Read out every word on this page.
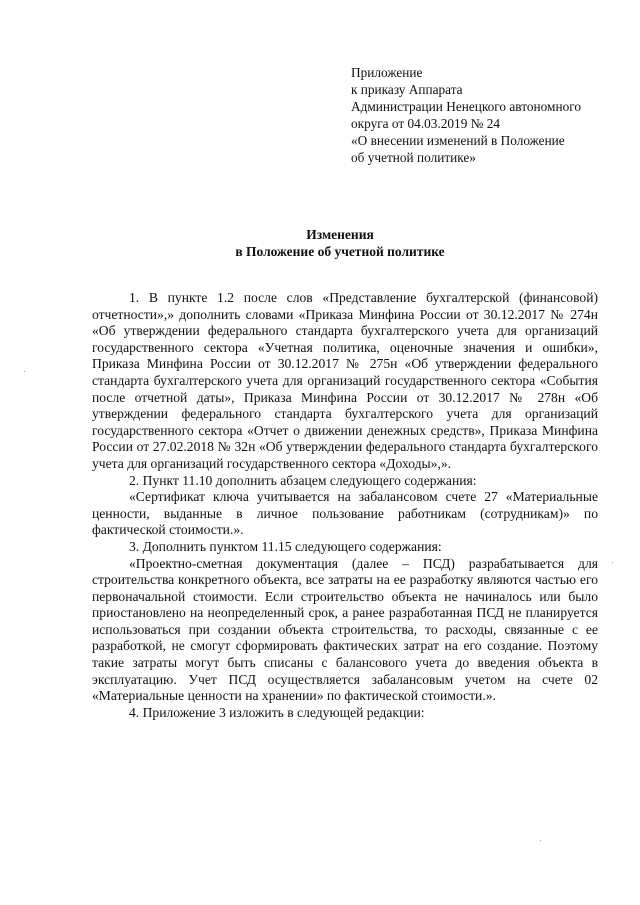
Приложение
к приказу Аппарата
Администрации Ненецкого автономного
округа от 04.03.2019 № 24
«О внесении изменений в Положение
об учетной политике»
Изменения
в Положение об учетной политике

1. В пункте 1.2 после слов «Представление бухгалтерской (финансовой) отчетности»,» дополнить словами «Приказа Минфина России от 30.12.2017 № 274н «Об утверждении федерального стандарта бухгалтерского учета для организаций государственного сектора «Учетная политика, оценочные значения и ошибки», Приказа Минфина России от 30.12.2017 № 275н «Об утверждении федерального стандарта бухгалтерского учета для организаций государственного сектора «События после отчетной даты», Приказа Минфина России от 30.12.2017 № 278н «Об утверждении федерального стандарта бухгалтерского учета для организаций государственного сектора «Отчет о движении денежных средств», Приказа Минфина России от 27.02.2018 № 32н «Об утверждении федерального стандарта бухгалтерского учета для организаций государственного сектора «Доходы»,».

2. Пункт 11.10 дополнить абзацем следующего содержания:

«Сертификат ключа учитывается на забалансовом счете 27 «Материальные ценности, выданные в личное пользование работникам (сотрудникам)» по фактической стоимости.».

3. Дополнить пунктом 11.15 следующего содержания:

«Проектно-сметная документация (далее – ПСД) разрабатывается для строительства конкретного объекта, все затраты на ее разработку являются частью его первоначальной стоимости. Если строительство объекта не начиналось или было приостановлено на неопределенный срок, а ранее разработанная ПСД не планируется использоваться при создании объекта строительства, то расходы, связанные с ее разработкой, не смогут сформировать фактических затрат на его создание. Поэтому такие затраты могут быть списаны с балансового учета до введения объекта в эксплуатацию. Учет ПСД осуществляется забалансовым учетом на счете 02 «Материальные ценности на хранении» по фактической стоимости.».

4. Приложение 3 изложить в следующей редакции:
